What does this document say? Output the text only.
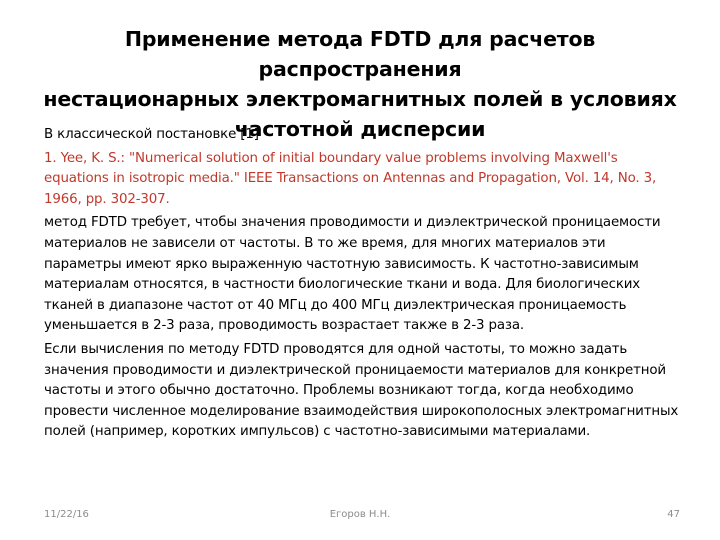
Применение метода FDTD для расчетов распространения
нестационарных электромагнитных полей в условиях
частотной дисперсии

В классической постановке [1]

1. Yee, K. S.: "Numerical solution of initial boundary value problems involving Maxwell's equations in isotropic media." IEEE Transactions on Antennas and Propagation, Vol. 14, No. 3, 1966, pp. 302-307.

метод FDTD требует, чтобы значения проводимости и диэлектрической проницаемости материалов не зависели от частоты. В то же время, для многих материалов эти параметры имеют ярко выраженную частотную зависимость. К частотно-зависимым материалам относятся, в частности биологические ткани и вода. Для биологических тканей в диапазоне частот от 40 МГц до 400 МГц диэлектрическая проницаемость уменьшается в 2-3 раза, проводимость возрастает также в 2-3 раза.

Если вычисления по методу FDTD проводятся для одной частоты, то можно задать значения проводимости и диэлектрической проницаемости материалов для конкретной частоты и этого обычно достаточно. Проблемы возникают тогда, когда необходимо провести численное моделирование взаимодействия широкополосных электромагнитных полей (например, коротких импульсов) с частотно-зависимыми материалами.

11/22/16	Егоров Н.Н.	47
